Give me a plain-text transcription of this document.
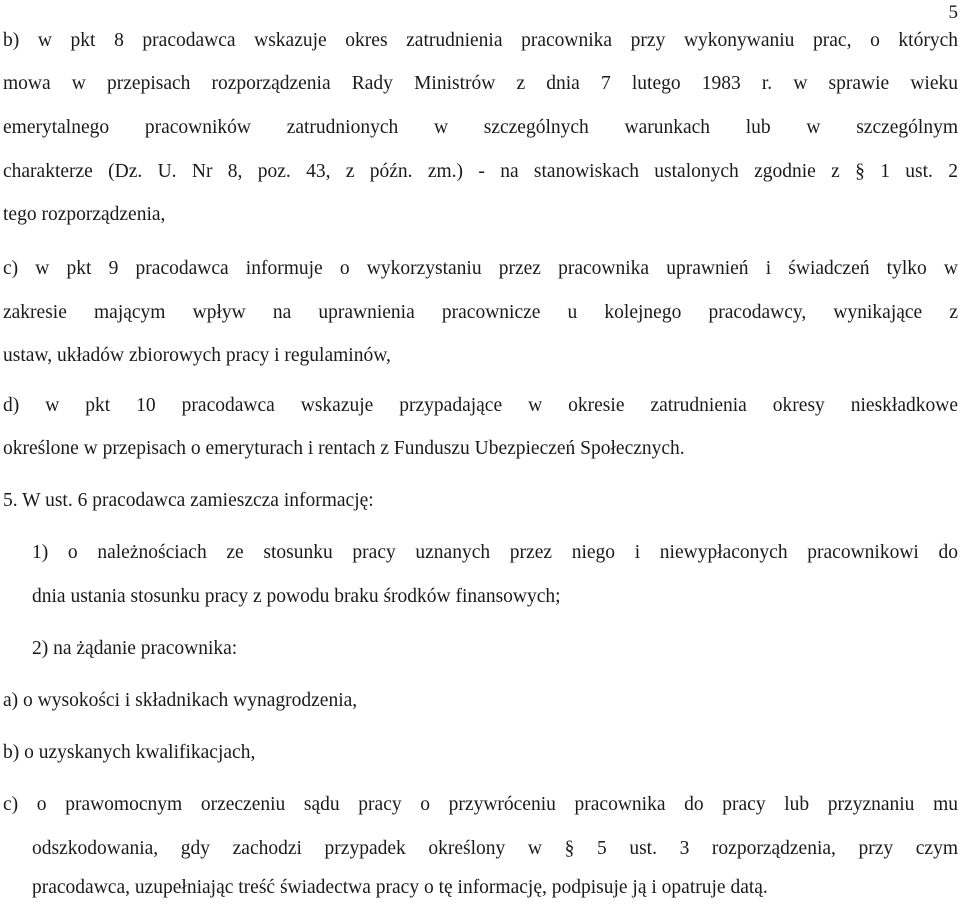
5
b) w pkt 8 pracodawca wskazuje okres zatrudnienia pracownika przy wykonywaniu prac, o których
mowa w przepisach rozporządzenia Rady Ministrów z dnia 7 lutego 1983 r. w sprawie wieku
emerytalnego pracowników zatrudnionych w szczególnych warunkach lub w szczególnym
charakterze (Dz. U. Nr 8, poz. 43, z późn. zm.) - na stanowiskach ustalonych zgodnie z § 1 ust. 2
tego rozporządzenia,
c) w pkt 9 pracodawca informuje o wykorzystaniu przez pracownika uprawnień i świadczeń tylko w
zakresie mającym wpływ na uprawnienia pracownicze u kolejnego pracodawcy, wynikające z
ustaw, układów zbiorowych pracy i regulaminów,
d) w pkt 10 pracodawca wskazuje przypadające w okresie zatrudnienia okresy nieskładkowe
określone w przepisach o emeryturach i rentach z Funduszu Ubezpieczeń Społecznych.
5. W ust. 6 pracodawca zamieszcza informację:
1) o należnościach ze stosunku pracy uznanych przez niego i niewypłaconych pracownikowi do
dnia ustania stosunku pracy z powodu braku środków finansowych;
2) na żądanie pracownika:
a) o wysokości i składnikach wynagrodzenia,
b) o uzyskanych kwalifikacjach,
c) o prawomocnym orzeczeniu sądu pracy o przywróceniu pracownika do pracy lub przyznaniu mu
odszkodowania, gdy zachodzi przypadek określony w § 5 ust. 3 rozporządzenia, przy czym
pracodawca, uzupełniając treść świadectwa pracy o tę informację, podpisuje ją i opatruje datą.
